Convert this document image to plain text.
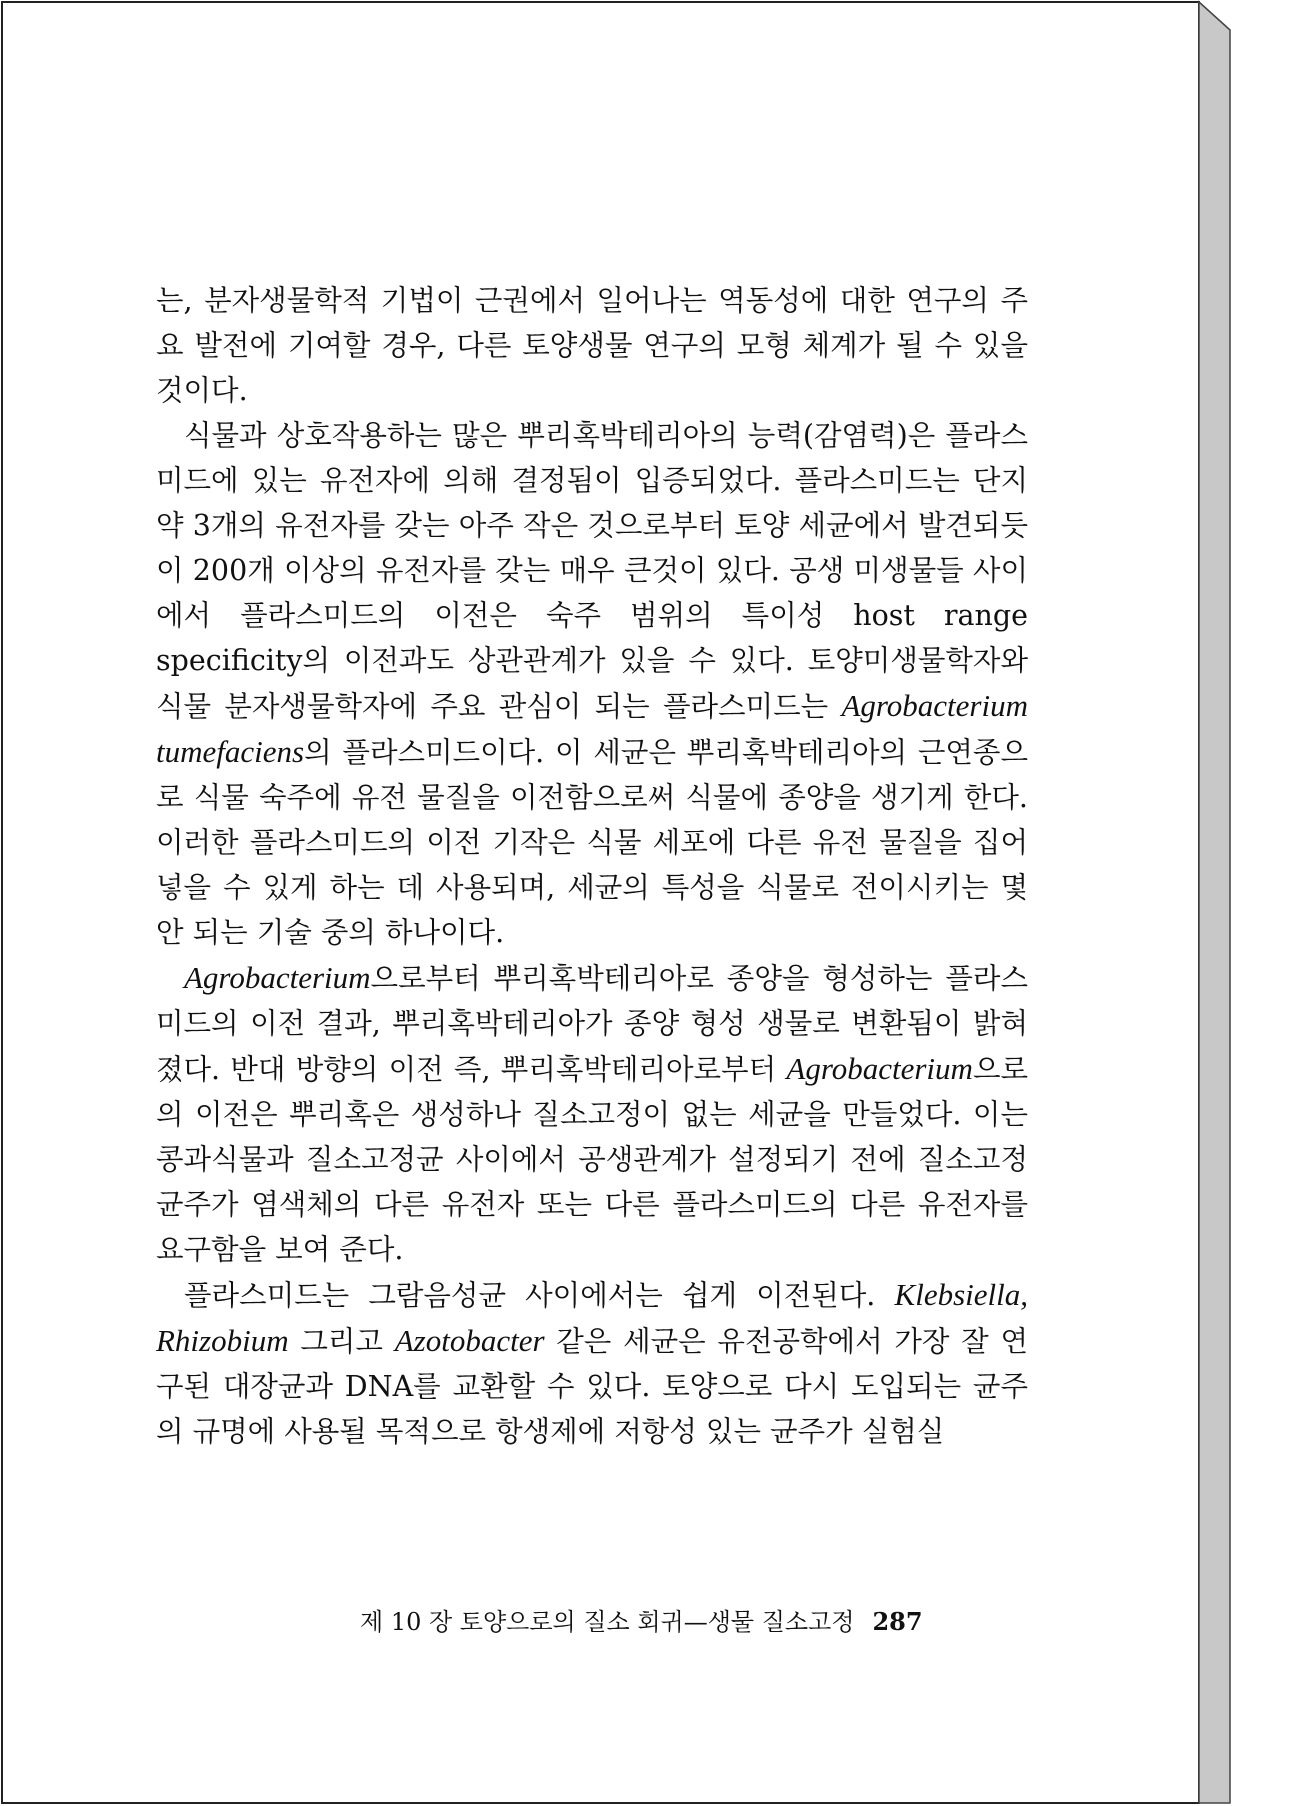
는, 분자생물학적 기법이 근권에서 일어나는 역동성에 대한 연구의 주요 발전에 기여할 경우, 다른 토양생물 연구의 모형 체계가 될 수 있을 것이다.

식물과 상호작용하는 많은 뿌리혹박테리아의 능력(감염력)은 플라스미드에 있는 유전자에 의해 결정됨이 입증되었다. 플라스미드는 단지 약 3개의 유전자를 갖는 아주 작은 것으로부터 토양 세균에서 발견되듯이 200개 이상의 유전자를 갖는 매우 큰것이 있다. 공생 미생물들 사이에서 플라스미드의 이전은 숙주 범위의 특이성 host range specificity의 이전과도 상관관계가 있을 수 있다. 토양미생물학자와 식물 분자생물학자에 주요 관심이 되는 플라스미드는 Agrobacterium tumefaciens의 플라스미드이다. 이 세균은 뿌리혹박테리아의 근연종으로 식물 숙주에 유전 물질을 이전함으로써 식물에 종양을 생기게 한다. 이러한 플라스미드의 이전 기작은 식물 세포에 다른 유전 물질을 집어 넣을 수 있게 하는 데 사용되며, 세균의 특성을 식물로 전이시키는 몇 안 되는 기술 중의 하나이다.

Agrobacterium으로부터 뿌리혹박테리아로 종양을 형성하는 플라스미드의 이전 결과, 뿌리혹박테리아가 종양 형성 생물로 변환됨이 밝혀졌다. 반대 방향의 이전 즉, 뿌리혹박테리아로부터 Agrobacterium으로의 이전은 뿌리혹은 생성하나 질소고정이 없는 세균을 만들었다. 이는 콩과식물과 질소고정균 사이에서 공생관계가 설정되기 전에 질소고정 균주가 염색체의 다른 유전자 또는 다른 플라스미드의 다른 유전자를 요구함을 보여 준다.

플라스미드는 그람음성균 사이에서는 쉽게 이전된다. Klebsiella, Rhizobium 그리고 Azotobacter 같은 세균은 유전공학에서 가장 잘 연구된 대장균과 DNA를 교환할 수 있다. 토양으로 다시 도입되는 균주의 규명에 사용될 목적으로 항생제에 저항성 있는 균주가 실험실

제 10 장 토양으로의 질소 회귀—생물 질소고정 287
